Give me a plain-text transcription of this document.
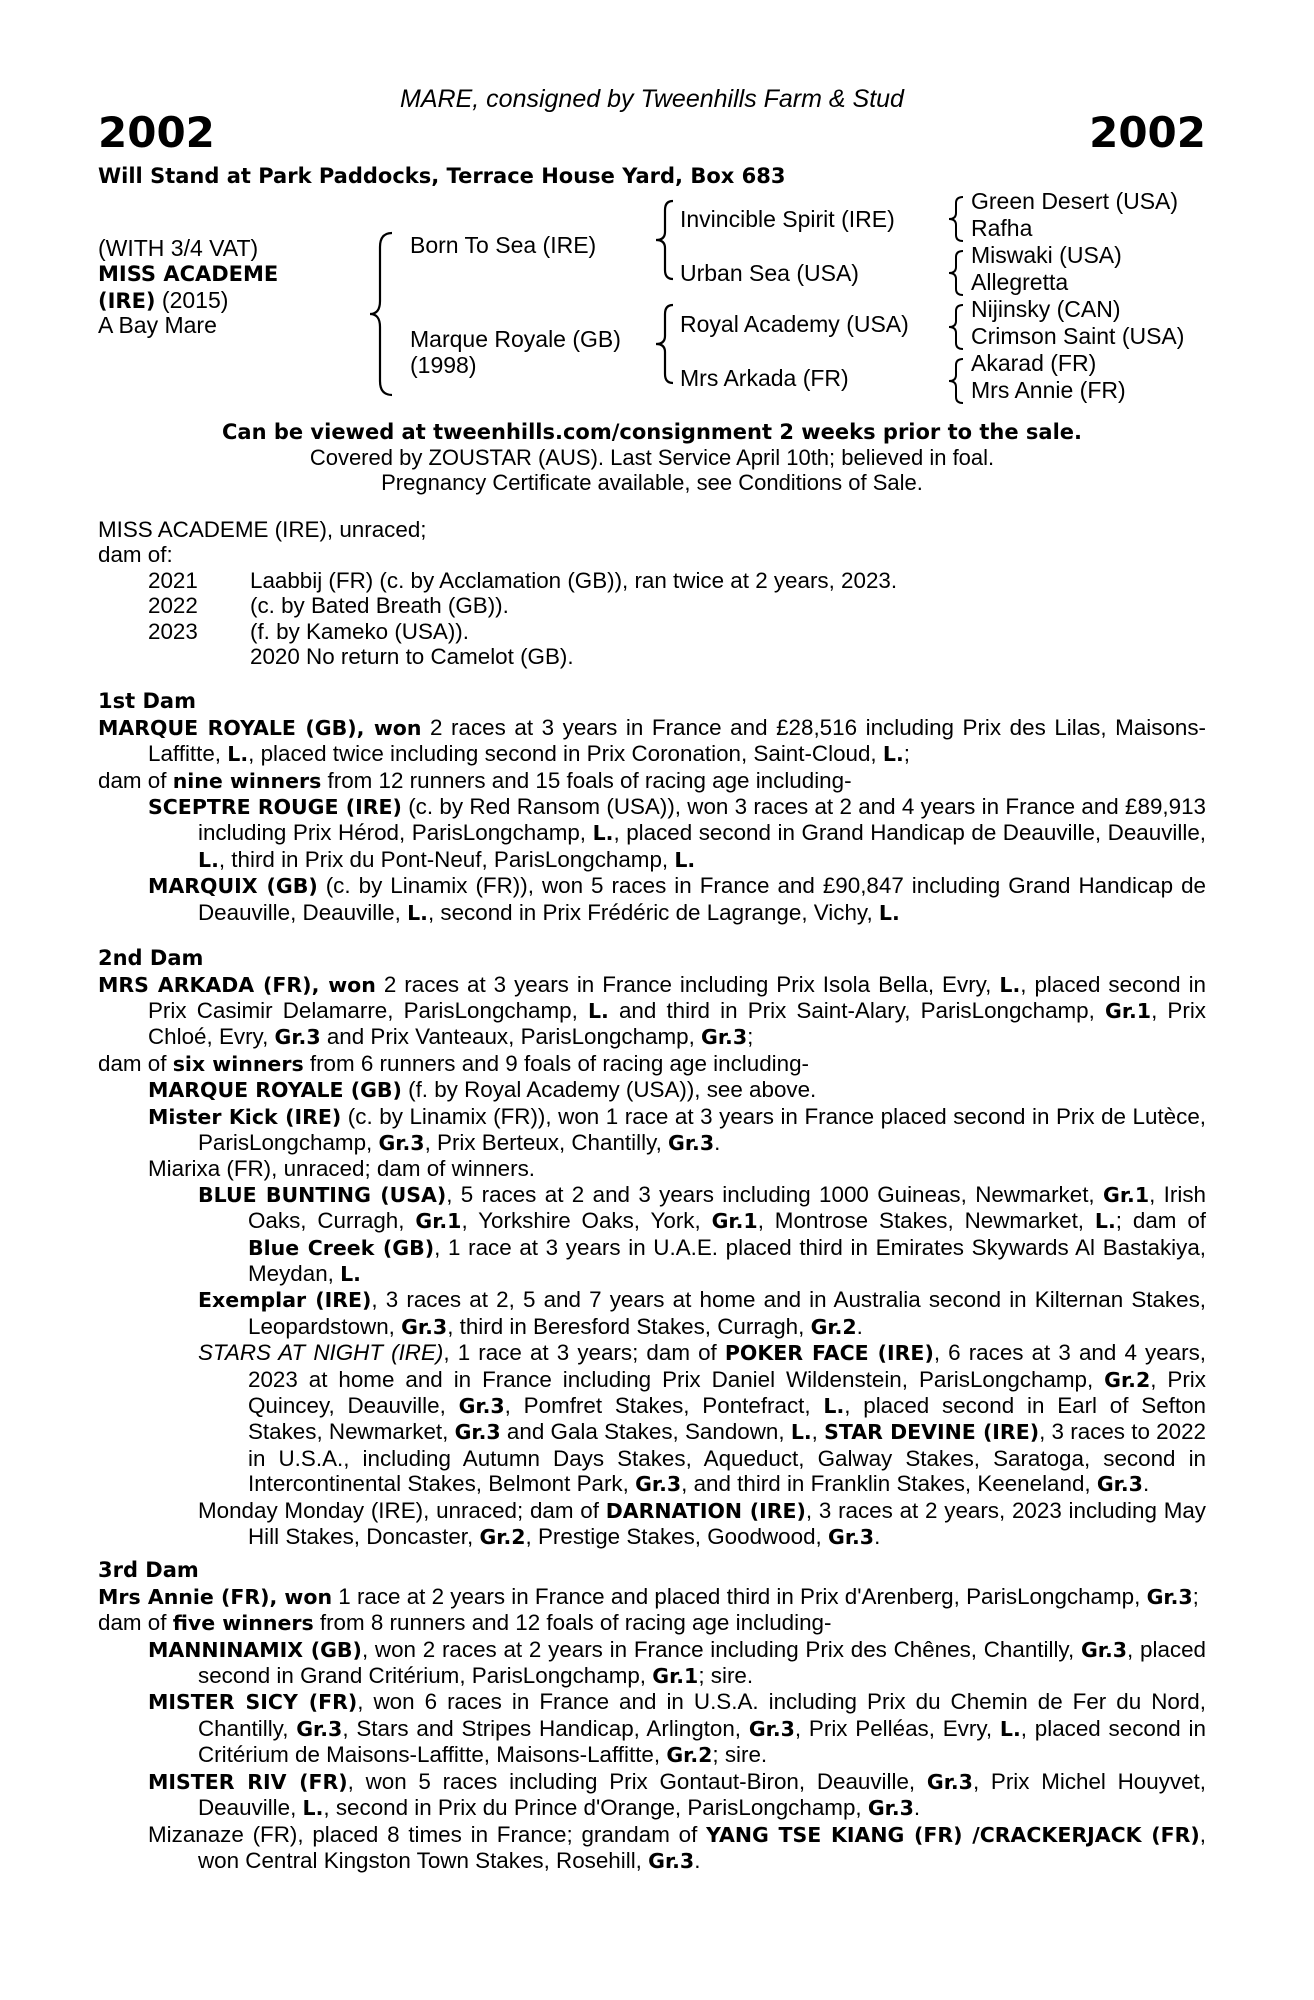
MARE, consigned by Tweenhills Farm & Stud
2002	2002
Will Stand at Park Paddocks, Terrace House Yard, Box 683
(WITH 3/4 VAT)
MISS ACADEME
(IRE) (2015)
A Bay Mare
Born To Sea (IRE)
Marque Royale (GB)
(1998)
Invincible Spirit (IRE)
Urban Sea (USA)
Royal Academy (USA)
Mrs Arkada (FR)
Green Desert (USA)
Rafha
Miswaki (USA)
Allegretta
Nijinsky (CAN)
Crimson Saint (USA)
Akarad (FR)
Mrs Annie (FR)
Can be viewed at tweenhills.com/consignment 2 weeks prior to the sale.
Covered by ZOUSTAR (AUS). Last Service April 10th; believed in foal.
Pregnancy Certificate available, see Conditions of Sale.

MISS ACADEME (IRE), unraced;

dam of:

2021	Laabbij (FR) (c. by Acclamation (GB)), ran twice at 2 years, 2023.
2022	(c. by Bated Breath (GB)).
2023	(f. by Kameko (USA)).
	2020 No return to Camelot (GB).
1st Dam

MARQUE ROYALE (GB), won 2 races at 3 years in France and £28,516 including Prix des Lilas, Maisons-Laffitte, L., placed twice including second in Prix Coronation, Saint-Cloud, L.;

dam of nine winners from 12 runners and 15 foals of racing age including-

SCEPTRE ROUGE (IRE) (c. by Red Ransom (USA)), won 3 races at 2 and 4 years in France and £89,913 including Prix Hérod, ParisLongchamp, L., placed second in Grand Handicap de Deauville, Deauville, L., third in Prix du Pont-Neuf, ParisLongchamp, L.

MARQUIX (GB) (c. by Linamix (FR)), won 5 races in France and £90,847 including Grand Handicap de Deauville, Deauville, L., second in Prix Frédéric de Lagrange, Vichy, L.

2nd Dam

MRS ARKADA (FR), won 2 races at 3 years in France including Prix Isola Bella, Evry, L., placed second in Prix Casimir Delamarre, ParisLongchamp, L. and third in Prix Saint-Alary, ParisLongchamp, Gr.1, Prix Chloé, Evry, Gr.3 and Prix Vanteaux, ParisLongchamp, Gr.3;

dam of six winners from 6 runners and 9 foals of racing age including-

MARQUE ROYALE (GB) (f. by Royal Academy (USA)), see above.

Mister Kick (IRE) (c. by Linamix (FR)), won 1 race at 3 years in France placed second in Prix de Lutèce, ParisLongchamp, Gr.3, Prix Berteux, Chantilly, Gr.3.

Miarixa (FR), unraced; dam of winners.

BLUE BUNTING (USA), 5 races at 2 and 3 years including 1000 Guineas, Newmarket, Gr.1, Irish Oaks, Curragh, Gr.1, Yorkshire Oaks, York, Gr.1, Montrose Stakes, Newmarket, L.; dam of Blue Creek (GB), 1 race at 3 years in U.A.E. placed third in Emirates Skywards Al Bastakiya, Meydan, L.

Exemplar (IRE), 3 races at 2, 5 and 7 years at home and in Australia second in Kilternan Stakes, Leopardstown, Gr.3, third in Beresford Stakes, Curragh, Gr.2.

STARS AT NIGHT (IRE), 1 race at 3 years; dam of POKER FACE (IRE), 6 races at 3 and 4 years, 2023 at home and in France including Prix Daniel Wildenstein, ParisLongchamp, Gr.2, Prix Quincey, Deauville, Gr.3, Pomfret Stakes, Pontefract, L., placed second in Earl of Sefton Stakes, Newmarket, Gr.3 and Gala Stakes, Sandown, L., STAR DEVINE (IRE), 3 races to 2022 in U.S.A., including Autumn Days Stakes, Aqueduct, Galway Stakes, Saratoga, second in Intercontinental Stakes, Belmont Park, Gr.3, and third in Franklin Stakes, Keeneland, Gr.3.

Monday Monday (IRE), unraced; dam of DARNATION (IRE), 3 races at 2 years, 2023 including May Hill Stakes, Doncaster, Gr.2, Prestige Stakes, Goodwood, Gr.3.

3rd Dam

Mrs Annie (FR), won 1 race at 2 years in France and placed third in Prix d'Arenberg, ParisLongchamp, Gr.3;

dam of five winners from 8 runners and 12 foals of racing age including-

MANNINAMIX (GB), won 2 races at 2 years in France including Prix des Chênes, Chantilly, Gr.3, placed second in Grand Critérium, ParisLongchamp, Gr.1; sire.

MISTER SICY (FR), won 6 races in France and in U.S.A. including Prix du Chemin de Fer du Nord, Chantilly, Gr.3, Stars and Stripes Handicap, Arlington, Gr.3, Prix Pelléas, Evry, L., placed second in Critérium de Maisons-Laffitte, Maisons-Laffitte, Gr.2; sire.

MISTER RIV (FR), won 5 races including Prix Gontaut-Biron, Deauville, Gr.3, Prix Michel Houyvet, Deauville, L., second in Prix du Prince d'Orange, ParisLongchamp, Gr.3.

Mizanaze (FR), placed 8 times in France; grandam of YANG TSE KIANG (FR) /CRACKERJACK (FR), won Central Kingston Town Stakes, Rosehill, Gr.3.
